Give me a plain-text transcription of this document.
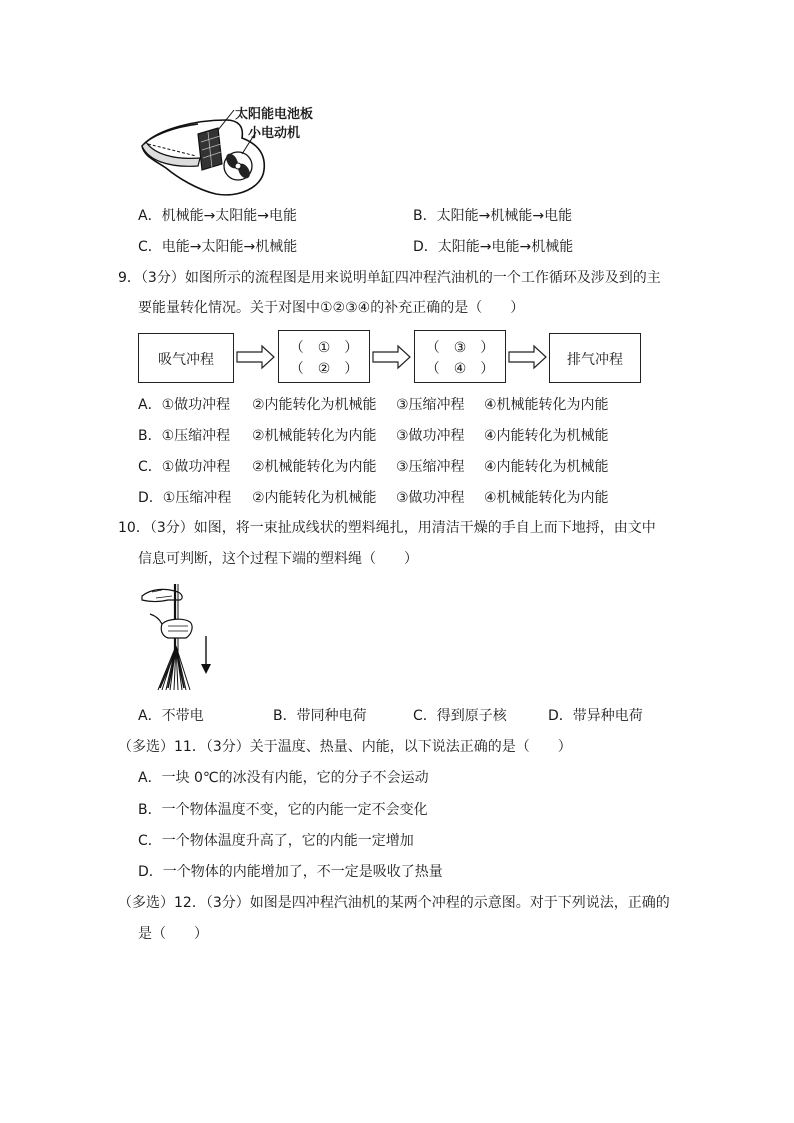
太阳能电池板
小电动机
A．机械能→太阳能→电能	B．太阳能→机械能→电能
C．电能→太阳能→机械能	D．太阳能→电能→机械能
9．（3分）如图所示的流程图是用来说明单缸四冲程汽油机的一个工作循环及涉及到的主
要能量转化情况。关于对图中①②③④的补充正确的是（　　）
吸气冲程
（　①　）
（　②　）
（　③　）
（　④　）
排气冲程
A．①做功冲程 ②内能转化为机械能 ③压缩冲程 ④机械能转化为内能
B．①压缩冲程 ②机械能转化为内能 ③做功冲程 ④内能转化为机械能
C．①做功冲程 ②机械能转化为内能 ③压缩冲程 ④内能转化为机械能
D．①压缩冲程 ②内能转化为机械能 ③做功冲程 ④机械能转化为内能
10．（3分）如图，将一束扯成线状的塑料绳扎，用清洁干燥的手自上而下地捋，由文中
信息可判断，这个过程下端的塑料绳（　　）
A．不带电	B．带同种电荷	C．得到原子核	D．带异种电荷
（多选）11．（3分）关于温度、热量、内能，以下说法正确的是（　　）
A．一块 0℃的冰没有内能，它的分子不会运动
B．一个物体温度不变，它的内能一定不会变化
C．一个物体温度升高了，它的内能一定增加
D．一个物体的内能增加了，不一定是吸收了热量
（多选）12．（3分）如图是四冲程汽油机的某两个冲程的示意图。对于下列说法，正确的
是（　　）
